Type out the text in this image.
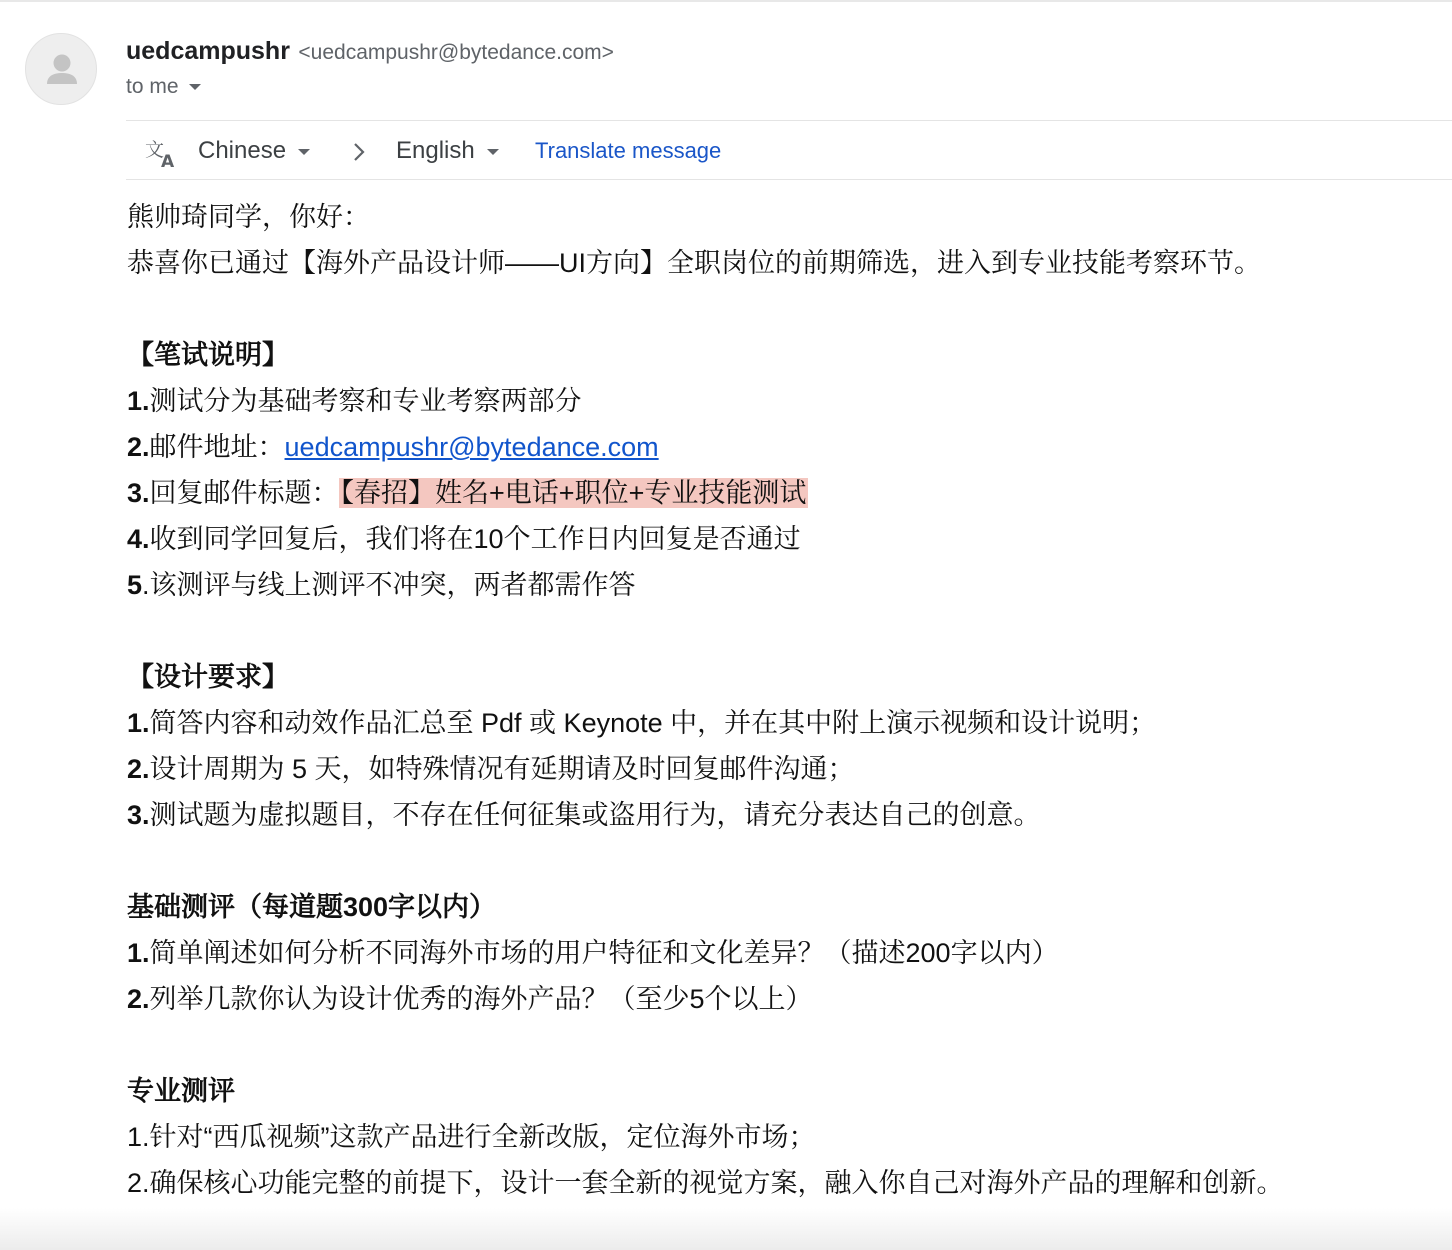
uedcampushr <uedcampushr@bytedance.com>
to me
文
A Chinese	English	Translate message
熊帅琦同学，你好：
恭喜你已通过【海外产品设计师——UI方向】全职岗位的前期筛选，进入到专业技能考察环节。
【笔试说明】
1.测试分为基础考察和专业考察两部分
2.邮件地址：uedcampushr@bytedance.com
3.回复邮件标题：【春招】姓名+电话+职位+专业技能测试
4.收到同学回复后，我们将在10个工作日内回复是否通过
5.该测评与线上测评不冲突，两者都需作答
【设计要求】
1.简答内容和动效作品汇总至 Pdf 或 Keynote 中，并在其中附上演示视频和设计说明；
2.设计周期为 5 天，如特殊情况有延期请及时回复邮件沟通；
3.测试题为虚拟题目，不存在任何征集或盗用行为，请充分表达自己的创意。
基础测评（每道题300字以内）
1.简单阐述如何分析不同海外市场的用户特征和文化差异？（描述200字以内）
2.列举几款你认为设计优秀的海外产品？（至少5个以上）
专业测评
1.针对“西瓜视频”这款产品进行全新改版，定位海外市场；
2.确保核心功能完整的前提下，设计一套全新的视觉方案，融入你自己对海外产品的理解和创新。
